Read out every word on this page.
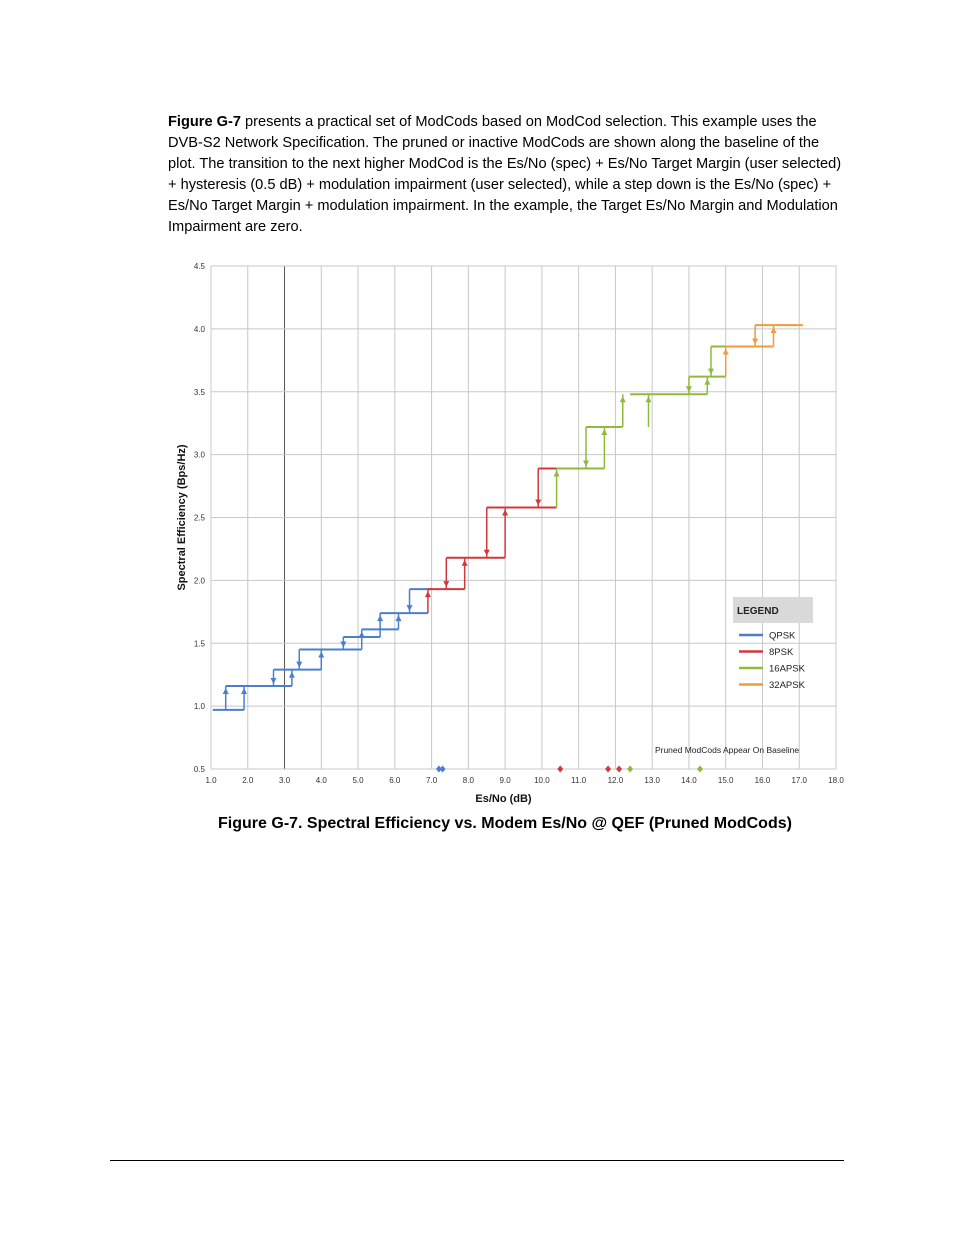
Figure G-7 presents a practical set of ModCods based on ModCod selection. This example uses the DVB-S2 Network Specification. The pruned or inactive ModCods are shown along the baseline of the plot. The transition to the next higher ModCod is the Es/No (spec) + Es/No Target Margin (user selected) + hysteresis (0.5 dB) + modulation impairment (user selected), while a step down is the Es/No (spec) + Es/No Target Margin + modulation impairment. In the example, the Target Es/No Margin and Modulation Impairment are zero.
1.0	2.0	3.0	4.0	5.0	6.0	7.0	8.0	9.0	10.0	11.0	12.0	13.0	14.0	15.0	16.0	17.0	18.0
0.5
1.0
1.5
2.0
2.5
3.0
3.5
4.0
4.5
Es/No (dB)
Spectral Efficiency (Bps/Hz)
Pruned ModCods Appear On Baseline
LEGEND
QPSK
8PSK
16APSK
32APSK
Figure G-7. Spectral Efficiency vs. Modem Es/No @ QEF (Pruned ModCods)
